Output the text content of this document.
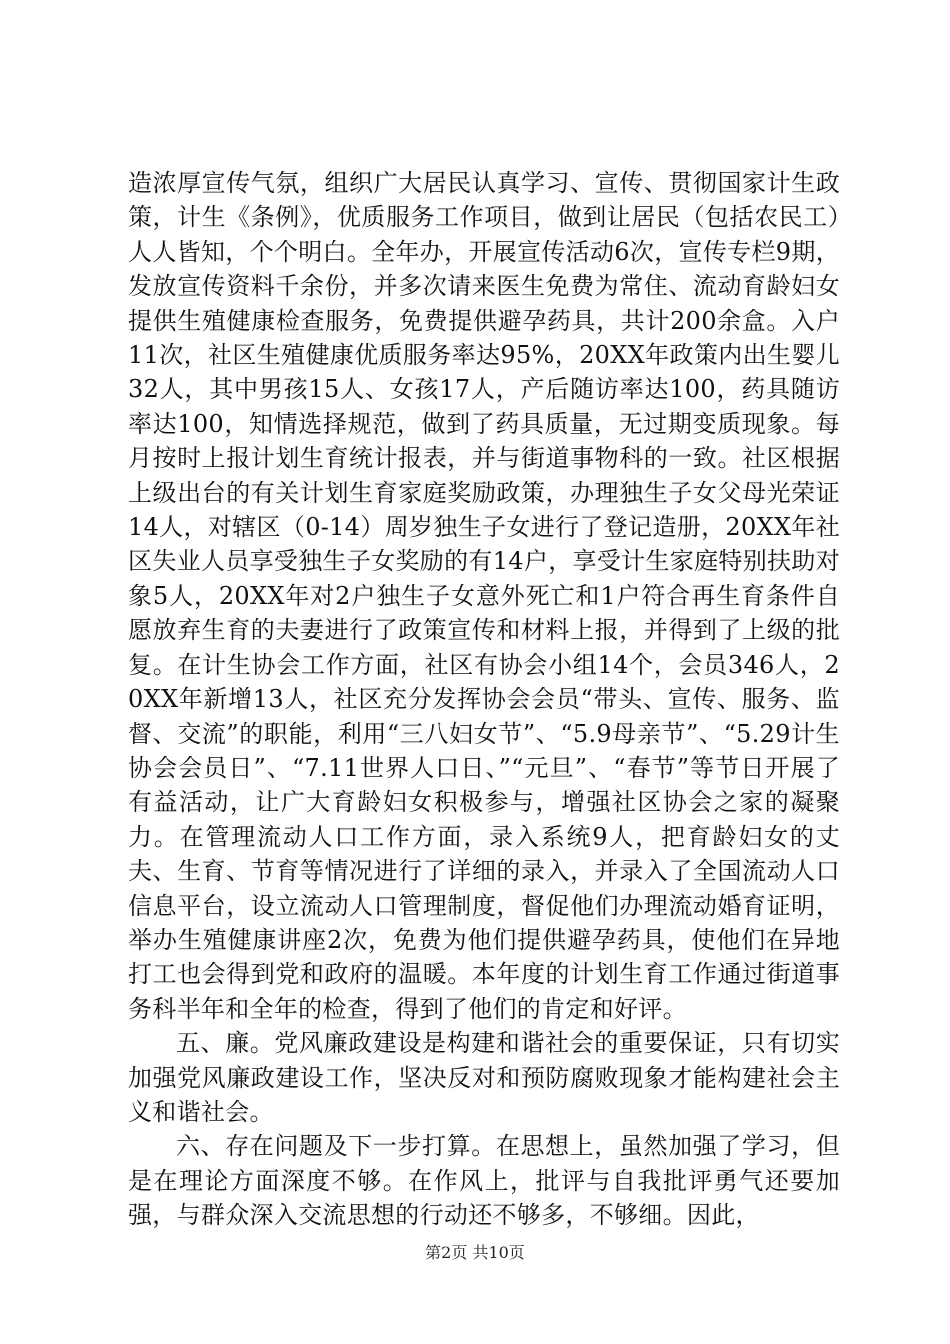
造浓厚宣传气氛，组织广大居民认真学习、宣传、贯彻国家计生政策，计生《条例》，优质服务工作项目，做到让居民（包括农民工）人人皆知，个个明白。全年办，开展宣传活动6次，宣传专栏9期，发放宣传资料千余份，并多次请来医生免费为常住、流动育龄妇女提供生殖健康检查服务，免费提供避孕药具，共计200余盒。入户11次，社区生殖健康优质服务率达95%，20XX年政策内出生婴儿32人，其中男孩15人、女孩17人，产后随访率达100，药具随访率达100，知情选择规范，做到了药具质量，无过期变质现象。每月按时上报计划生育统计报表，并与街道事物科的一致。社区根据上级出台的有关计划生育家庭奖励政策，办理独生子女父母光荣证14人，对辖区（0-14）周岁独生子女进行了登记造册，20XX年社区失业人员享受独生子女奖励的有14户，享受计生家庭特别扶助对象5人，20XX年对2户独生子女意外死亡和1户符合再生育条件自愿放弃生育的夫妻进行了政策宣传和材料上报，并得到了上级的批复。在计生协会工作方面，社区有协会小组14个，会员346人，20XX年新增13人，社区充分发挥协会会员“带头、宣传、服务、监督、交流”的职能，利用“三八妇女节”、“5.9母亲节”、“5.29计生协会会员日”、“7.11世界人口日、”“元旦”、“春节”等节日开展了有益活动，让广大育龄妇女积极参与，增强社区协会之家的凝聚力。在管理流动人口工作方面，录入系统9人，把育龄妇女的丈夫、生育、节育等情况进行了详细的录入，并录入了全国流动人口信息平台，设立流动人口管理制度，督促他们办理流动婚育证明，举办生殖健康讲座2次，免费为他们提供避孕药具，使他们在异地打工也会得到党和政府的温暖。本年度的计划生育工作通过街道事务科半年和全年的检查，得到了他们的肯定和好评。

五、廉。党风廉政建设是构建和谐社会的重要保证，只有切实加强党风廉政建设工作，坚决反对和预防腐败现象才能构建社会主义和谐社会。

六、存在问题及下一步打算。在思想上，虽然加强了学习，但是在理论方面深度不够。在作风上，批评与自我批评勇气还要加强，与群众深入交流思想的行动还不够多，不够细。因此，

第2页 共10页
